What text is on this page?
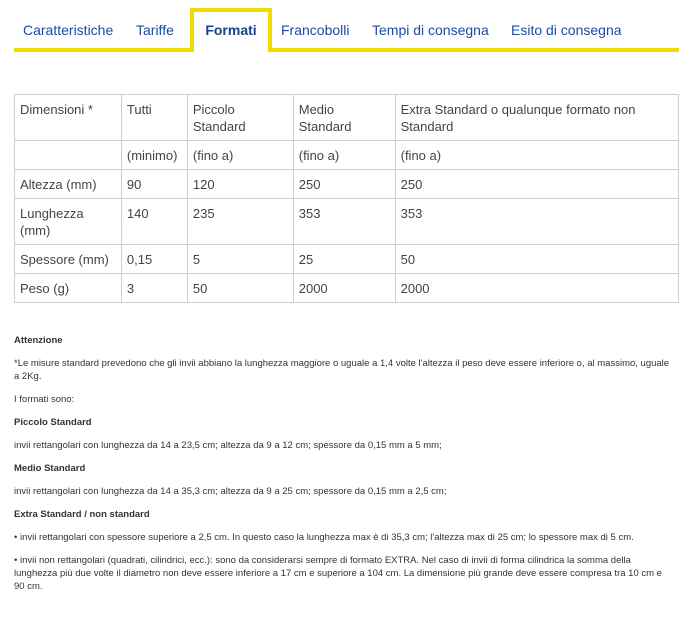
Caratteristiche Tariffe	Formati	Francobolli Tempi di consegna Esito di consegna
Dimensioni *	Tutti	Piccolo Standard	Medio Standard	Extra Standard o qualunque formato non Standard
	(minimo)	(fino a)	(fino a)	(fino a)
Altezza (mm)	90	120	250	250
Lunghezza (mm)	140	235	353	353
Spessore (mm)	0,15	5	25	50
Peso (g)	3	50	2000	2000

Attenzione

*Le misure standard prevedono che gli invii abbiano la lunghezza maggiore o uguale a 1,4 volte l'altezza il peso deve essere inferiore o, al massimo, uguale a 2Kg.

I formati sono:

Piccolo Standard

invii rettangolari con lunghezza da 14 a 23,5 cm; altezza da 9 a 12 cm; spessore da 0,15 mm a 5 mm;

Medio Standard

invii rettangolari con lunghezza da 14 a 35,3 cm; altezza da 9 a 25 cm; spessore da 0,15 mm a 2,5 cm;

Extra Standard / non standard

• invii rettangolari con spessore superiore a 2,5 cm. In questo caso la lunghezza max è di 35,3 cm; l'altezza max di 25 cm; lo spessore max di 5 cm.

• invii non rettangolari (quadrati, cilindrici, ecc.): sono da considerarsi sempre di formato EXTRA. Nel caso di invii di forma cilindrica la somma della lunghezza più due volte il diametro non deve essere inferiore a 17 cm e superiore a 104 cm. La dimensione più grande deve essere compresa tra 10 cm e 90 cm.
